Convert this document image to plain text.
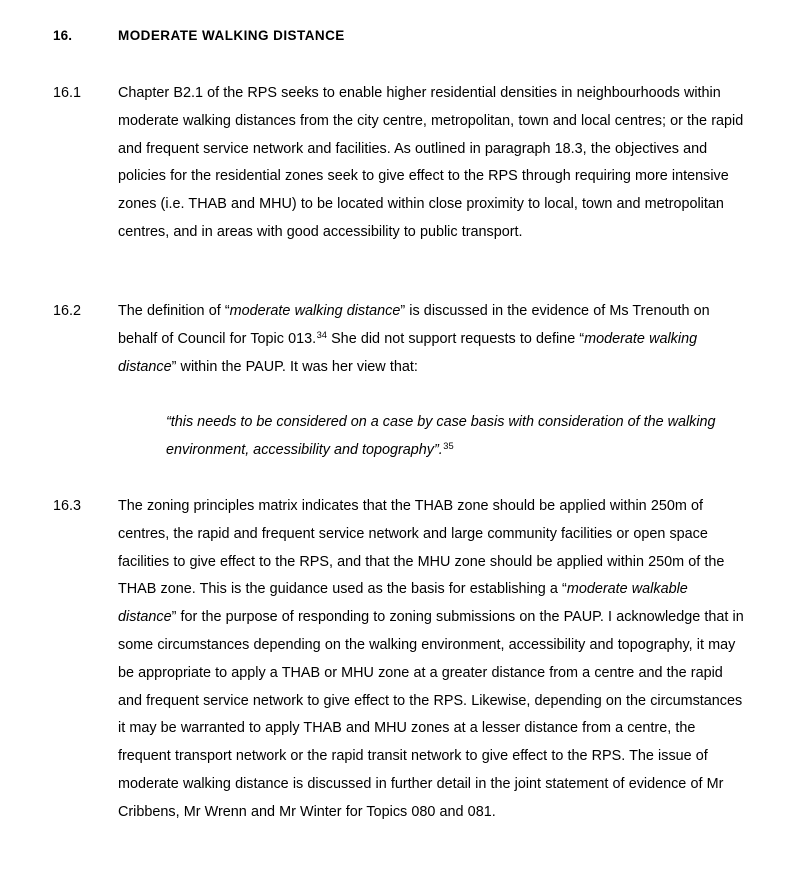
16.	MODERATE WALKING DISTANCE
16.1	Chapter B2.1 of the RPS seeks to enable higher residential densities in neighbourhoods within moderate walking distances from the city centre, metropolitan, town and local centres; or the rapid and frequent service network and facilities. As outlined in paragraph 18.3, the objectives and policies for the residential zones seek to give effect to the RPS through requiring more intensive zones (i.e. THAB and MHU) to be located within close proximity to local, town and metropolitan centres, and in areas with good accessibility to public transport.
16.2	The definition of “moderate walking distance” is discussed in the evidence of Ms Trenouth on behalf of Council for Topic 013.34 She did not support requests to define “moderate walking distance” within the PAUP. It was her view that:
“this needs to be considered on a case by case basis with consideration of the walking environment, accessibility and topography”.$^{35}$
16.3	The zoning principles matrix indicates that the THAB zone should be applied within 250m of centres, the rapid and frequent service network and large community facilities or open space facilities to give effect to the RPS, and that the MHU zone should be applied within 250m of the THAB zone. This is the guidance used as the basis for establishing a “moderate walkable distance” for the purpose of responding to zoning submissions on the PAUP. I acknowledge that in some circumstances depending on the walking environment, accessibility and topography, it may be appropriate to apply a THAB or MHU zone at a greater distance from a centre and the rapid and frequent service network to give effect to the RPS. Likewise, depending on the circumstances it may be warranted to apply THAB and MHU zones at a lesser distance from a centre, the frequent transport network or the rapid transit network to give effect to the RPS. The issue of moderate walking distance is discussed in further detail in the joint statement of evidence of Mr Cribbens, Mr Wrenn and Mr Winter for Topics 080 and 081.
